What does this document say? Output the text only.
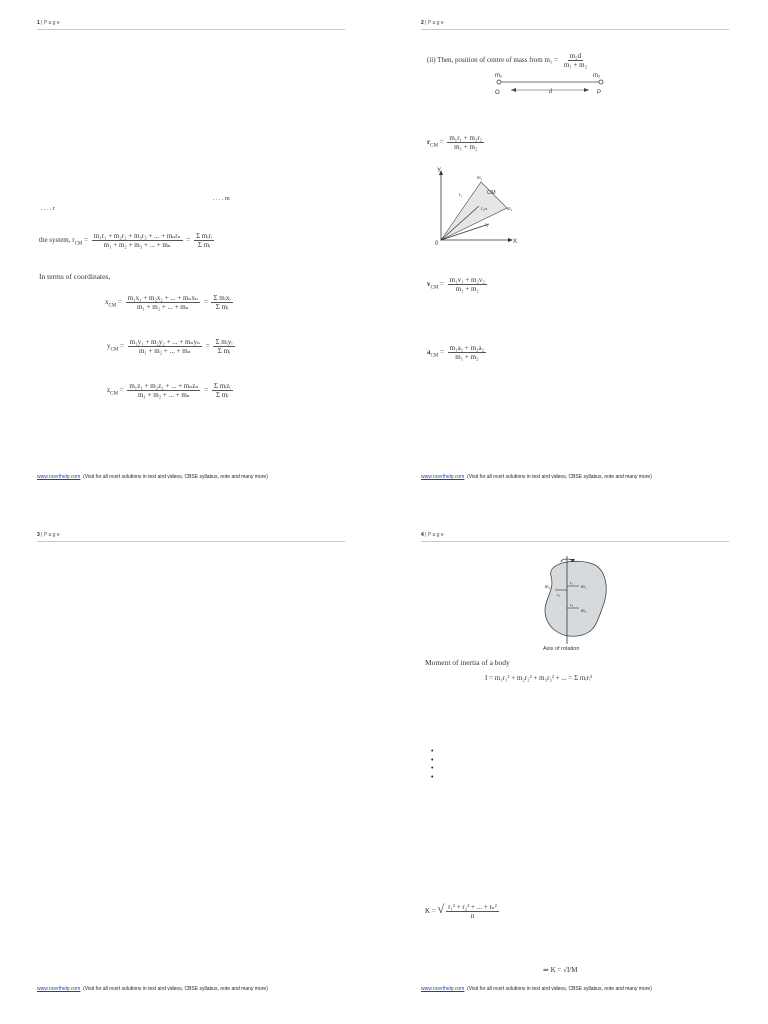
1 | P a g e
. . . . m
. . . . r
the system, $r_{CM} = \frac{\text{m₁r₁ + m₂r₂ + m₃r₃ + ... + mₙrₙ}}{\text{m₁ + m₂ + m₃ + ... + mₙ}} = \frac{\text{Σ mᵢrᵢ}}{\text{Σ mᵢ}}$
In terms of coordinates,
$x_{CM} = \frac{\text{m₁x₁ + m₂x₂ + ... + mₙxₙ}}{\text{m₁ + m₂ + ... + mₙ}} = \frac{\text{Σ mᵢxᵢ}}{\text{Σ mᵢ}}$
$y_{CM} = \frac{\text{m₁y₁ + m₂y₂ + ... + mₙyₙ}}{\text{m₁ + m₂ + ... + mₙ}} = \frac{\text{Σ mᵢyᵢ}}{\text{Σ mᵢ}}$
$z_{CM} = \frac{\text{m₁z₁ + m₂z₂ + ... + mₙzₙ}}{\text{m₁ + m₂ + ... + mₙ}} = \frac{\text{Σ mᵢzᵢ}}{\text{Σ mᵢ}}$
www.ncerthelp.com (Visit for all ncert solutions in text and videos, CBSE syllabus, note and many more)
2 | P a g e
(ii) Then, position of centre of mass from $m_1 = \frac{\text{m₂d}}{\text{m₁ + m₂}}$
m₁	m₂
O	P
d
$r_{CM} = \frac{\text{m₁r₁ + m₂r₂}}{\text{m₁ + m₂}}$
Y
X
0
m₁
m₂
CM
r₁
r꜀ₘ
r₂
$v_{CM} = \frac{\text{m₁v₁ + m₂v₂}}{\text{m₁ + m₂}}$
$a_{CM} = \frac{\text{m₁a₁ + m₂a₂}}{\text{m₁ + m₂}}$
www.ncerthelp.com (Visit for all ncert solutions in text and videos, CBSE syllabus, note and many more)
3 | P a g e
www.ncerthelp.com (Visit for all ncert solutions in text and videos, CBSE syllabus, note and many more)
4 | P a g e
m₂	m₁
m₃
r₁
r₂
r₃
Axis of rotation
Moment of inertia of a body
I = m₁r₁² + m₂r₂² + m₃r₃² + ... = Σ mᵢrᵢ²
•
•
•
•
K = √ $\frac{\text{r₁² + r₂² + ... + rₙ²}}{n}$
⇒ K = √I/M
www.ncerthelp.com (Visit for all ncert solutions in text and videos, CBSE syllabus, note and many more)
